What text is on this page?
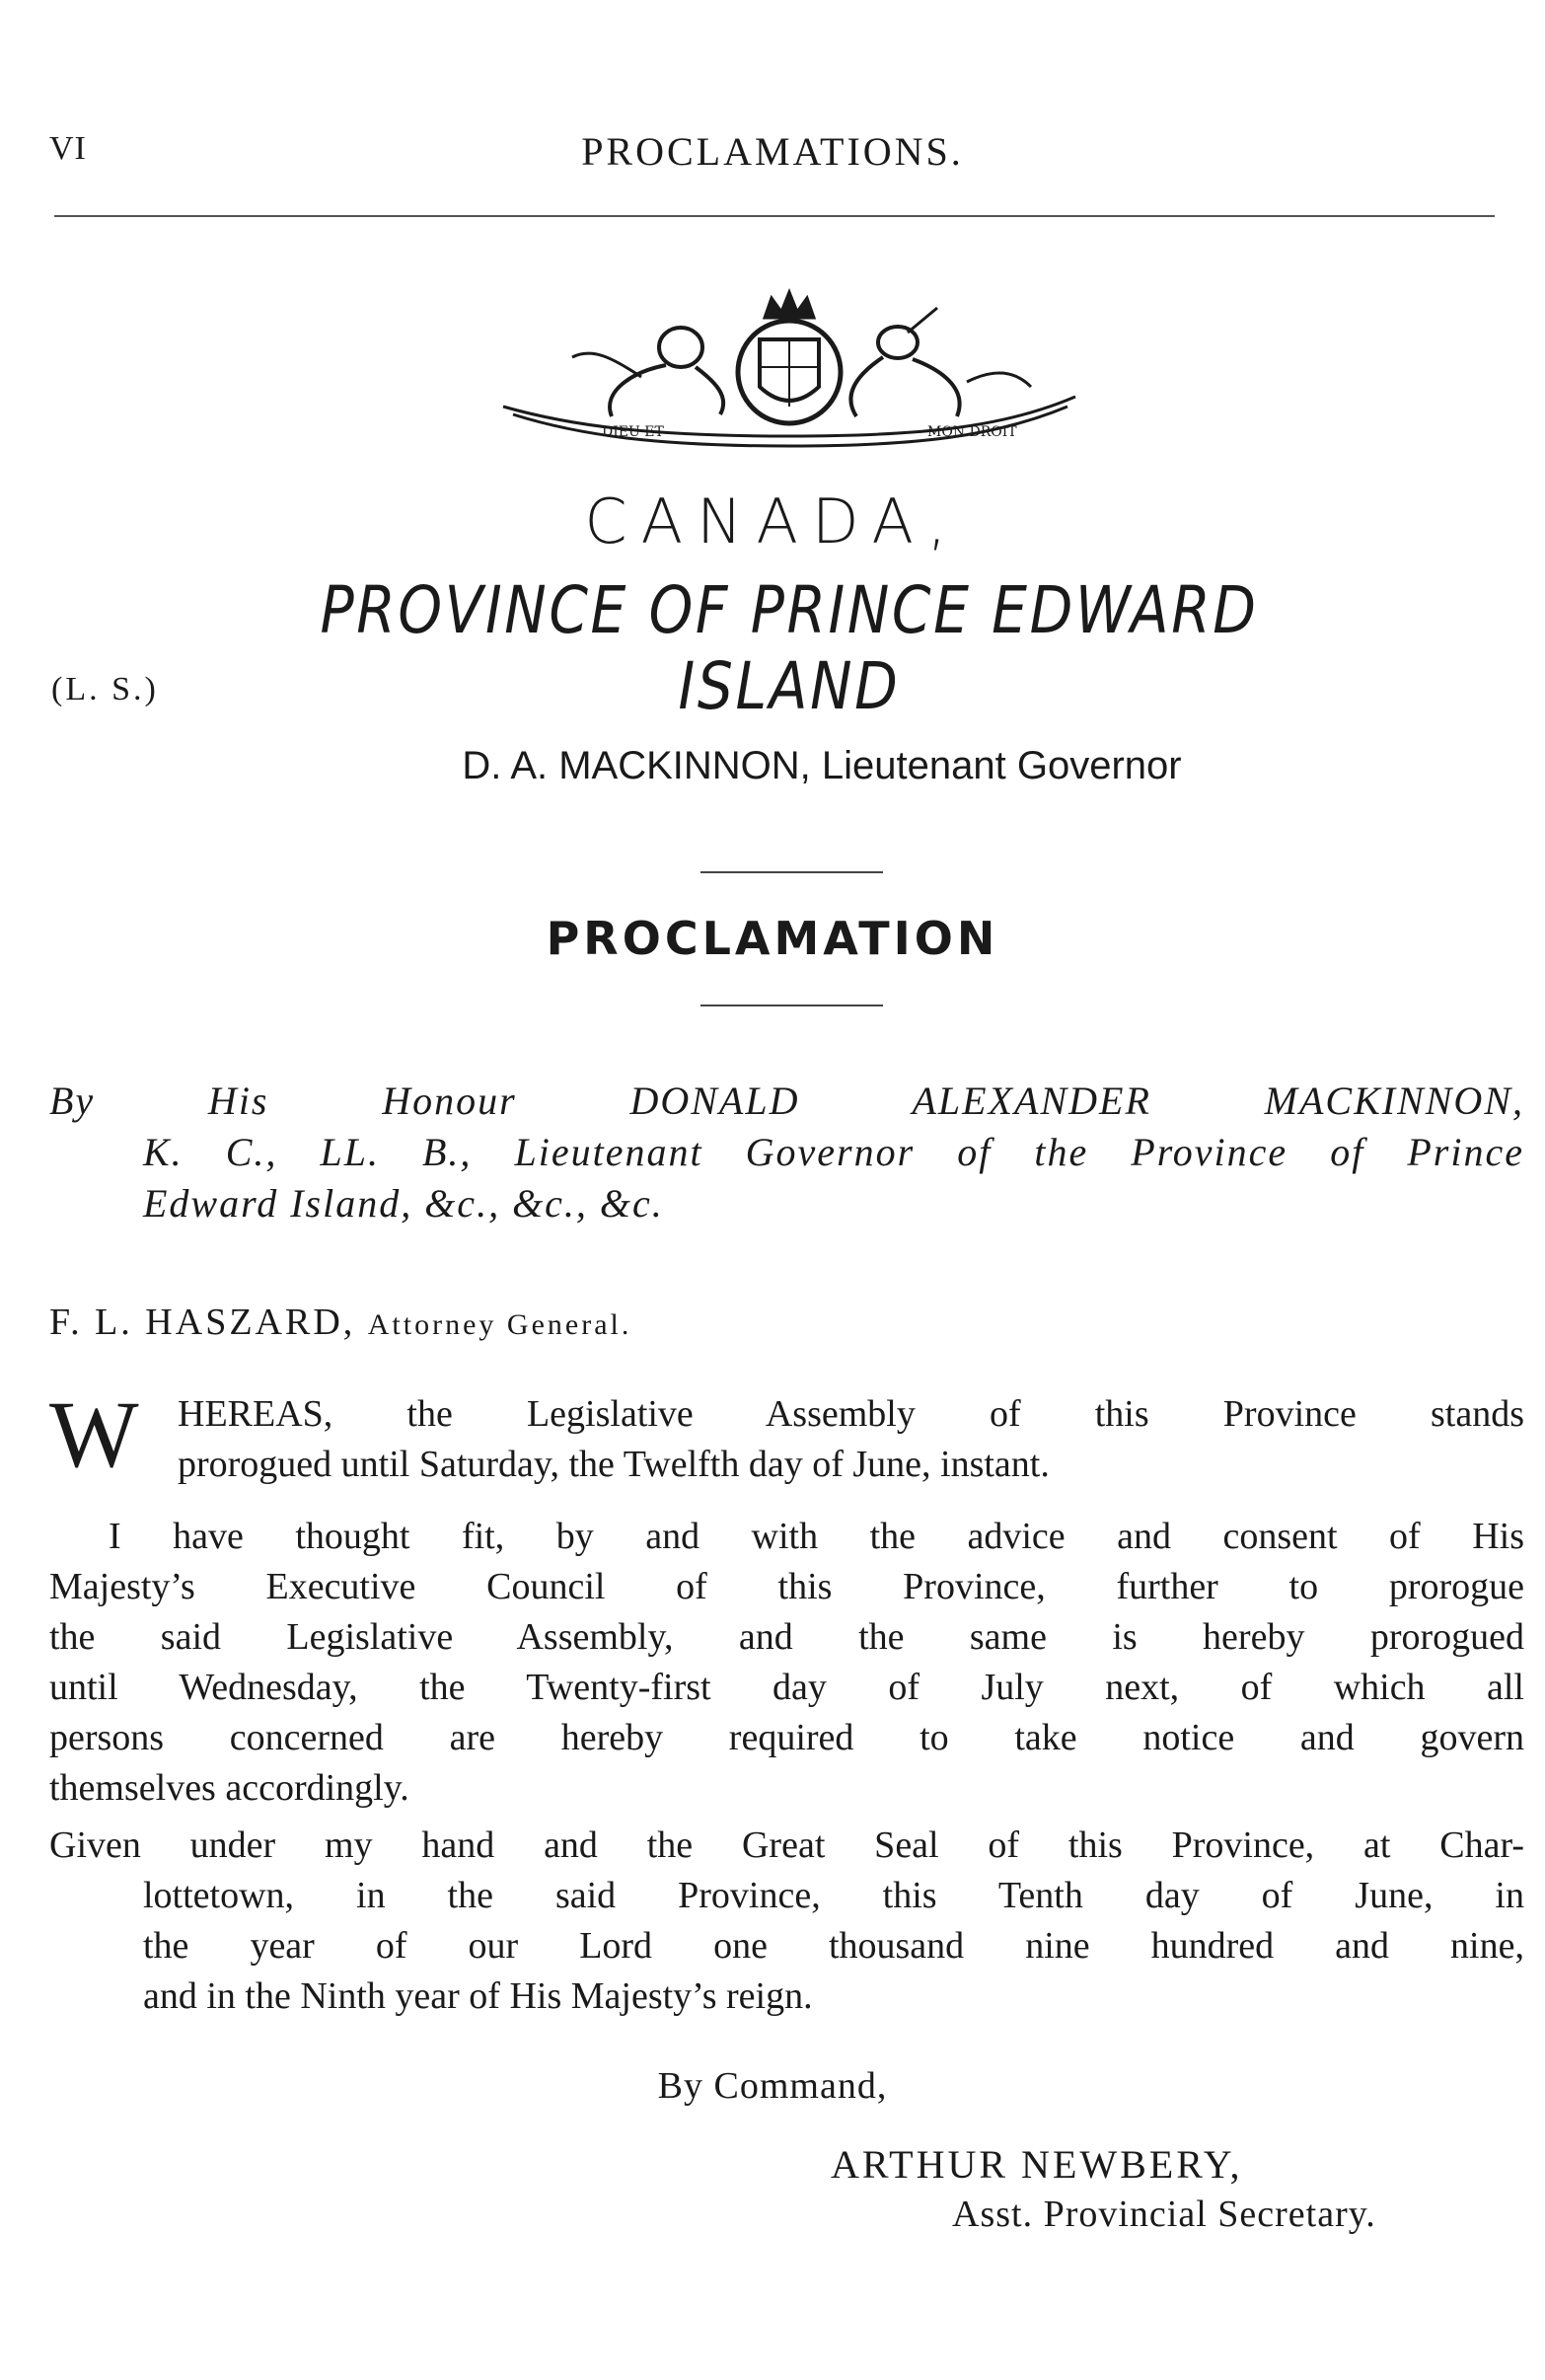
VI	PROCLAMATIONS.
DIEU ET	MON DROIT
CANADA,
PROVINCE OF PRINCE EDWARD ISLAND
(L. S.)
D. A. MACKINNON, Lieutenant Governor
PROCLAMATION
By His Honour DONALD ALEXANDER MACKINNON,
K. C., LL. B., Lieutenant Governor of the Province of Prince
Edward Island, &c., &c., &c.
F. L. HASZARD, Attorney General.
W	HEREAS, the Legislative Assembly of this Province stands
prorogued until Saturday, the Twelfth day of June, instant.
I have thought fit, by and with the advice and consent of His
Majesty’s Executive Council of this Province, further to prorogue
the said Legislative Assembly, and the same is hereby prorogued
until Wednesday, the Twenty-first day of July next, of which all
persons concerned are hereby required to take notice and govern
themselves accordingly.
Given under my hand and the Great Seal of this Province, at Char-
lottetown, in the said Province, this Tenth day of June, in
the year of our Lord one thousand nine hundred and nine,
and in the Ninth year of His Majesty’s reign.
By Command,
ARTHUR NEWBERY,
Asst. Provincial Secretary.
